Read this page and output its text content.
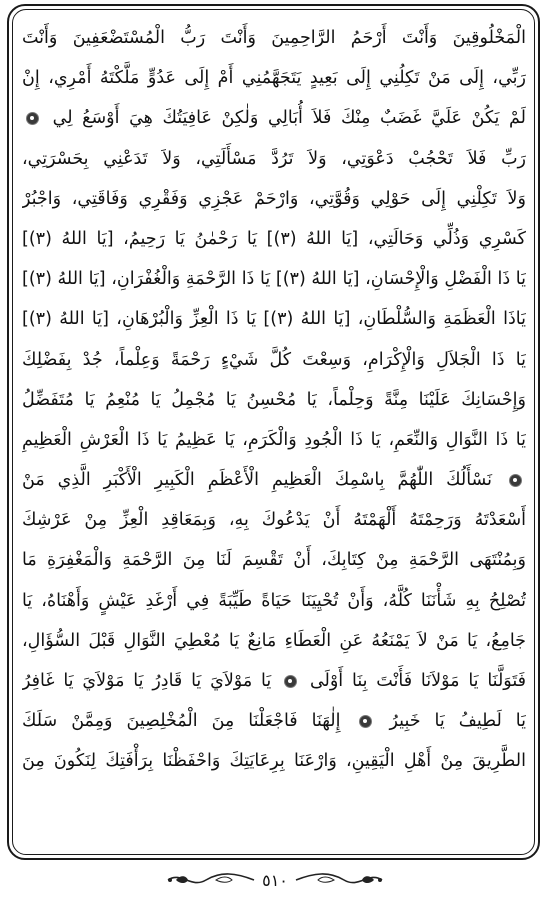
الْمَخْلُوقِينَ وَأَنْتَ أَرْحَمُ الرَّاحِمِينَ وَأَنْتَ رَبُّ الْمُسْتَضْعَفِينَ وَأَنْتَ
رَبِّي، إِلَى مَنْ تَكِلُنِي إِلَى بَعِيدٍ يَتَجَهَّمُنِي أَمْ إِلَى عَدُوٍّ مَلَّكْتَهُ أَمْرِي، إِنْ
لَمْ يَكُنْ عَلَيَّ غَضَبٌ مِنْكَ فَلاَ أُبَالِي وَلٰكِنْ عَافِيَتُكَ هِيَ أَوْسَعُ لِي
رَبِّ فَلاَ تَحْجُبْ دَعْوَتِي، وَلاَ تَرُدَّ مَسْأَلَتِي، وَلاَ تَدَعْنِي بِحَسْرَتِي،
وَلاَ تَكِلْنِي إِلَى حَوْلِي وَقُوَّتِي، وَارْحَمْ عَجْزِي وَفَقْرِي وَفَاقَتِي، وَاجْبُرْ
كَسْرِي وَذُلِّي وَحَالَتِي، [يَا اللهُ (٣)] يَا رَحْمٰنُ يَا رَحِيمُ، [يَا اللهُ (٣)]
يَا ذَا الْفَضْلِ وَالْإِحْسَانِ، [يَا اللهُ (٣)] يَا ذَا الرَّحْمَةِ وَالْغُفْرَانِ، [يَا اللهُ (٣)]
يَاذَا الْعَظَمَةِ وَالسُّلْطَانِ، [يَا اللهُ (٣)] يَا ذَا الْعِزِّ وَالْبُرْهَانِ، [يَا اللهُ (٣)]
يَا ذَا الْجَلاَلِ وَالْإِكْرَامِ، وَسِعْتَ كُلَّ شَيْءٍ رَحْمَةً وَعِلْماً، جُدْ بِفَضْلِكَ
وَإِحْسَانِكَ عَلَيْنَا مِنَّةً وَحِلْماً، يَا مُحْسِنُ يَا مُجْمِلُ يَا مُنْعِمُ يَا مُتَفَضِّلُ
يَا ذَا النَّوَالِ وَالنِّعَمِ، يَا ذَا الْجُودِ وَالْكَرَمِ، يَا عَظِيمُ يَا ذَا الْعَرْشِ الْعَظِيمِ
نَسْأَلُكَ اللّٰهُمَّ بِاسْمِكَ الْعَظِيمِ الْأَعْظَمِ الْكَبِيرِ الْأَكْبَرِ الَّذِي مَنْ
أَسْعَدْتَهُ وَرَحِمْتَهُ أَلْهَمْتَهُ أَنْ يَدْعُوكَ بِهِ، وَبِمَعَاقِدِ الْعِزِّ مِنْ عَرْشِكَ
وَبِمُنْتَهَى الرَّحْمَةِ مِنْ كِتَابِكَ، أَنْ تَقْسِمَ لَنَا مِنَ الرَّحْمَةِ وَالْمَغْفِرَةِ مَا
تُصْلِحُ بِهِ شَأْنَنَا كُلَّهُ، وَأَنْ تُحْيِيَنَا حَيَاةً طَيِّبَةً فِي أَرْغَدِ عَيْشٍ وَأَهْنَاهُ، يَا
جَامِعُ، يَا مَنْ لاَ يَمْنَعُهُ عَنِ الْعَطَاءِ مَانِعٌ يَا مُعْطِيَ النَّوَالِ قَبْلَ السُّؤَالِ،
فَتَوَلَّنَا يَا مَوْلاَنَا فَأَنْتَ بِنَا أَوْلَى  يَا مَوْلاَيَ يَا قَادِرُ يَا مَوْلاَيَ يَا غَافِرُ
يَا لَطِيفُ يَا خَبِيرُ  إِلٰهَنَا فَاجْعَلْنَا مِنَ الْمُخْلِصِينَ وَمِمَّنْ سَلَكَ
الطَّرِيقَ مِنْ أَهْلِ الْيَقِينِ، وَارْعَنَا بِرِعَايَتِكَ وَاحْفَظْنَا بِرَأْفَتِكَ لِنَكُونَ مِنَ
٥١٠
